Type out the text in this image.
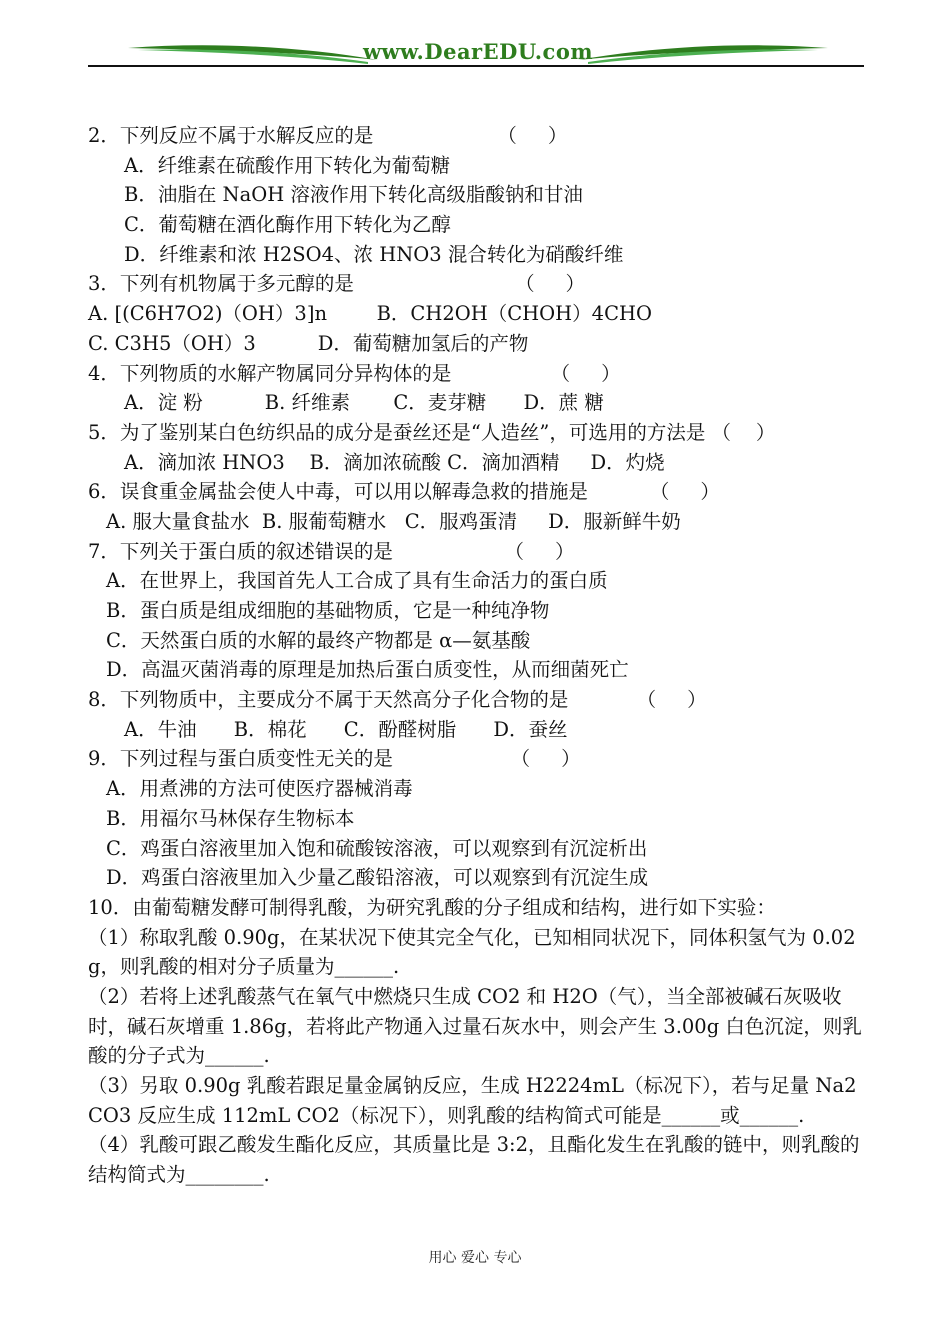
www.DearEDU.com
2．下列反应不属于水解反应的是                    （     ）
A．纤维素在硫酸作用下转化为葡萄糖
B．油脂在 NaOH 溶液作用下转化高级脂酸钠和甘油
C．葡萄糖在酒化酶作用下转化为乙醇
D．纤维素和浓 H2SO4、浓 HNO3 混合转化为硝酸纤维
3．下列有机物属于多元醇的是                          （     ）
A. [(C6H7O2)（OH）3]n        B．CH2OH（CHOH）4CHO
C. C3H5（OH）3          D．葡萄糖加氢后的产物
4．下列物质的水解产物属同分异构体的是                （     ）
A．淀 粉          B. 纤维素       C．麦芽糖      D．蔗 糖
5．为了鉴别某白色纺织品的成分是蚕丝还是“人造丝”，可选用的方法是 （    ）
A．滴加浓 HNO3    B．滴加浓硫酸 C．滴加酒精     D．灼烧
6．误食重金属盐会使人中毒，可以用以解毒急救的措施是          （     ）
A. 服大量食盐水  B. 服葡萄糖水   C．服鸡蛋清     D．服新鲜牛奶
7．下列关于蛋白质的叙述错误的是                  （     ）
A．在世界上，我国首先人工合成了具有生命活力的蛋白质
B．蛋白质是组成细胞的基础物质，它是一种纯净物
C．天然蛋白质的水解的最终产物都是 α—氨基酸
D．高温灭菌消毒的原理是加热后蛋白质变性，从而细菌死亡
8．下列物质中，主要成分不属于天然高分子化合物的是           （     ）
A．牛油      B．棉花      C．酚醛树脂      D．蚕丝
9．下列过程与蛋白质变性无关的是                   （     ）
A．用煮沸的方法可使医疗器械消毒
B．用福尔马林保存生物标本
C．鸡蛋白溶液里加入饱和硫酸铵溶液，可以观察到有沉淀析出
D．鸡蛋白溶液里加入少量乙酸铅溶液，可以观察到有沉淀生成
10．由葡萄糖发酵可制得乳酸，为研究乳酸的分子组成和结构，进行如下实验：
（1）称取乳酸 0.90g，在某状况下使其完全气化，已知相同状况下，同体积氢气为 0.02g，则乳酸的相对分子质量为______.
（2）若将上述乳酸蒸气在氧气中燃烧只生成 CO2 和 H2O（气），当全部被碱石灰吸收时，碱石灰增重 1.86g，若将此产物通入过量石灰水中，则会产生 3.00g 白色沉淀，则乳酸的分子式为______.
（3）另取 0.90g 乳酸若跟足量金属钠反应，生成 H2224mL（标况下），若与足量 Na2CO3 反应生成 112mL CO2（标况下），则乳酸的结构简式可能是______或______.
（4）乳酸可跟乙酸发生酯化反应，其质量比是 3:2，且酯化发生在乳酸的链中，则乳酸的结构简式为________.
用心 爱心 专心
